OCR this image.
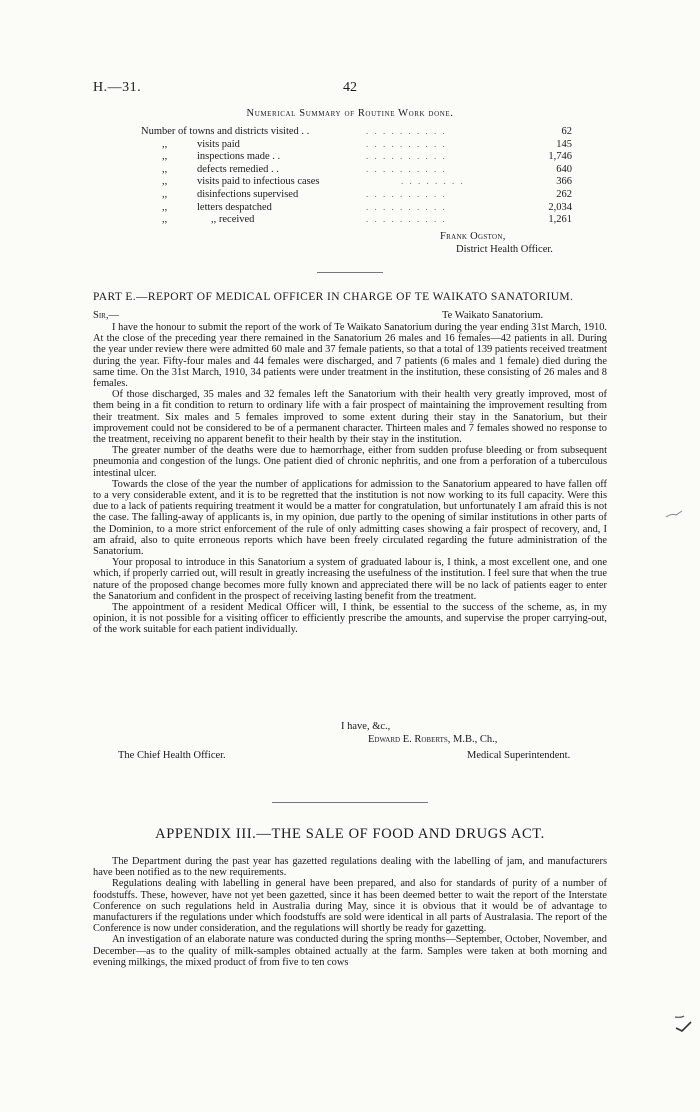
H.—31.	42
Numerical Summary of Routine Work done.
Number of towns and districts visited . .	. . . . . . . . . .	62
,,	visits paid	. . . . . . . . . .	145
,,	inspections made . .	. . . . . . . . . .	1,746
,,	defects remedied . .	. . . . . . . . . .	640
,,	visits paid to infectious cases	. . . . . . . .	366
,,	disinfections supervised	. . . . . . . . . .	262
,,	letters despatched	. . . . . . . . . .	2,034
,,	,, received	. . . . . . . . . .	1,261
Frank Ogston,
District Health Officer.
PART E.—REPORT OF MEDICAL OFFICER IN CHARGE OF TE WAIKATO SANATORIUM.
Sir,—	Te Waikato Sanatorium.

I have the honour to submit the report of the work of Te Waikato Sanatorium during the year ending 31st March, 1910. At the close of the preceding year there remained in the Sanatorium 26 males and 16 females—42 patients in all. During the year under review there were admitted 60 male and 37 female patients, so that a total of 139 patients received treatment during the year. Fifty-four males and 44 females were discharged, and 7 patients (6 males and 1 female) died during the same time. On the 31st March, 1910, 34 patients were under treatment in the institution, these consisting of 26 males and 8 females.

Of those discharged, 35 males and 32 females left the Sanatorium with their health very greatly improved, most of them being in a fit condition to return to ordinary life with a fair prospect of maintaining the improvement resulting from their treatment. Six males and 5 females improved to some extent during their stay in the Sanatorium, but their improvement could not be considered to be of a permanent character. Thirteen males and 7 females showed no response to the treatment, receiving no apparent benefit to their health by their stay in the institution.

The greater number of the deaths were due to hæmorrhage, either from sudden profuse bleeding or from subsequent pneumonia and congestion of the lungs. One patient died of chronic nephritis, and one from a perforation of a tuberculous intestinal ulcer.

Towards the close of the year the number of applications for admission to the Sanatorium appeared to have fallen off to a very considerable extent, and it is to be regretted that the institution is not now working to its full capacity. Were this due to a lack of patients requiring treatment it would be a matter for congratulation, but unfortunately I am afraid this is not the case. The falling-away of applicants is, in my opinion, due partly to the opening of similar institutions in other parts of the Dominion, to a more strict enforcement of the rule of only admitting cases showing a fair prospect of recovery, and, I am afraid, also to quite erroneous reports which have been freely circulated regarding the future administration of the Sanatorium.

Your proposal to introduce in this Sanatorium a system of graduated labour is, I think, a most excellent one, and one which, if properly carried out, will result in greatly increasing the usefulness of the institution. I feel sure that when the true nature of the proposed change becomes more fully known and appreciated there will be no lack of patients eager to enter the Sanatorium and confident in the prospect of receiving lasting benefit from the treatment.

The appointment of a resident Medical Officer will, I think, be essential to the success of the scheme, as, in my opinion, it is not possible for a visiting officer to efficiently prescribe the amounts, and supervise the proper carrying-out, of the work suitable for each patient individually.

I have, &c.,
Edward E. Roberts, M.B., Ch.,
The Chief Health Officer.	Medical Superintendent.
APPENDIX III.—THE SALE OF FOOD AND DRUGS ACT.

The Department during the past year has gazetted regulations dealing with the labelling of jam, and manufacturers have been notified as to the new requirements.

Regulations dealing with labelling in general have been prepared, and also for standards of purity of a number of foodstuffs. These, however, have not yet been gazetted, since it has been deemed better to wait the report of the Interstate Conference on such regulations held in Australia during May, since it is obvious that it would be of advantage to manufacturers if the regulations under which foodstuffs are sold were identical in all parts of Australasia. The report of the Conference is now under consideration, and the regulations will shortly be ready for gazetting.

An investigation of an elaborate nature was conducted during the spring months—September, October, November, and December—as to the quality of milk-samples obtained actually at the farm. Samples were taken at both morning and evening milkings, the mixed product of from five to ten cows
